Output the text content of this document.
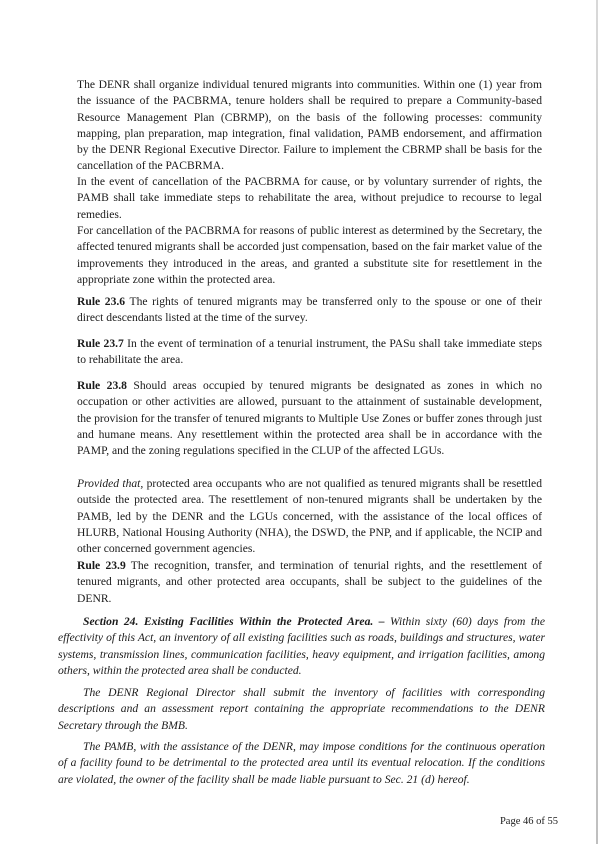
The DENR shall organize individual tenured migrants into communities. Within one (1) year from the issuance of the PACBRMA, tenure holders shall be required to prepare a Community-based Resource Management Plan (CBRMP), on the basis of the following processes: community mapping, plan preparation, map integration, final validation, PAMB endorsement, and affirmation by the DENR Regional Executive Director. Failure to implement the CBRMP shall be basis for the cancellation of the PACBRMA.

In the event of cancellation of the PACBRMA for cause, or by voluntary surrender of rights, the PAMB shall take immediate steps to rehabilitate the area, without prejudice to recourse to legal remedies.

For cancellation of the PACBRMA for reasons of public interest as determined by the Secretary, the affected tenured migrants shall be accorded just compensation, based on the fair market value of the improvements they introduced in the areas, and granted a substitute site for resettlement in the appropriate zone within the protected area.

Rule 23.6 The rights of tenured migrants may be transferred only to the spouse or one of their direct descendants listed at the time of the survey.

Rule 23.7 In the event of termination of a tenurial instrument, the PASu shall take immediate steps to rehabilitate the area.

Rule 23.8 Should areas occupied by tenured migrants be designated as zones in which no occupation or other activities are allowed, pursuant to the attainment of sustainable development, the provision for the transfer of tenured migrants to Multiple Use Zones or buffer zones through just and humane means. Any resettlement within the protected area shall be in accordance with the PAMP, and the zoning regulations specified in the CLUP of the affected LGUs.

Provided that, protected area occupants who are not qualified as tenured migrants shall be resettled outside the protected area. The resettlement of non-tenured migrants shall be undertaken by the PAMB, led by the DENR and the LGUs concerned, with the assistance of the local offices of HLURB, National Housing Authority (NHA), the DSWD, the PNP, and if applicable, the NCIP and other concerned government agencies.

Rule 23.9 The recognition, transfer, and termination of tenurial rights, and the resettlement of tenured migrants, and other protected area occupants, shall be subject to the guidelines of the DENR.

Section 24. Existing Facilities Within the Protected Area. – Within sixty (60) days from the effectivity of this Act, an inventory of all existing facilities such as roads, buildings and structures, water systems, transmission lines, communication facilities, heavy equipment, and irrigation facilities, among others, within the protected area shall be conducted.

The DENR Regional Director shall submit the inventory of facilities with corresponding descriptions and an assessment report containing the appropriate recommendations to the DENR Secretary through the BMB.

The PAMB, with the assistance of the DENR, may impose conditions for the continuous operation of a facility found to be detrimental to the protected area until its eventual relocation. If the conditions are violated, the owner of the facility shall be made liable pursuant to Sec. 21 (d) hereof.

Page 46 of 55
